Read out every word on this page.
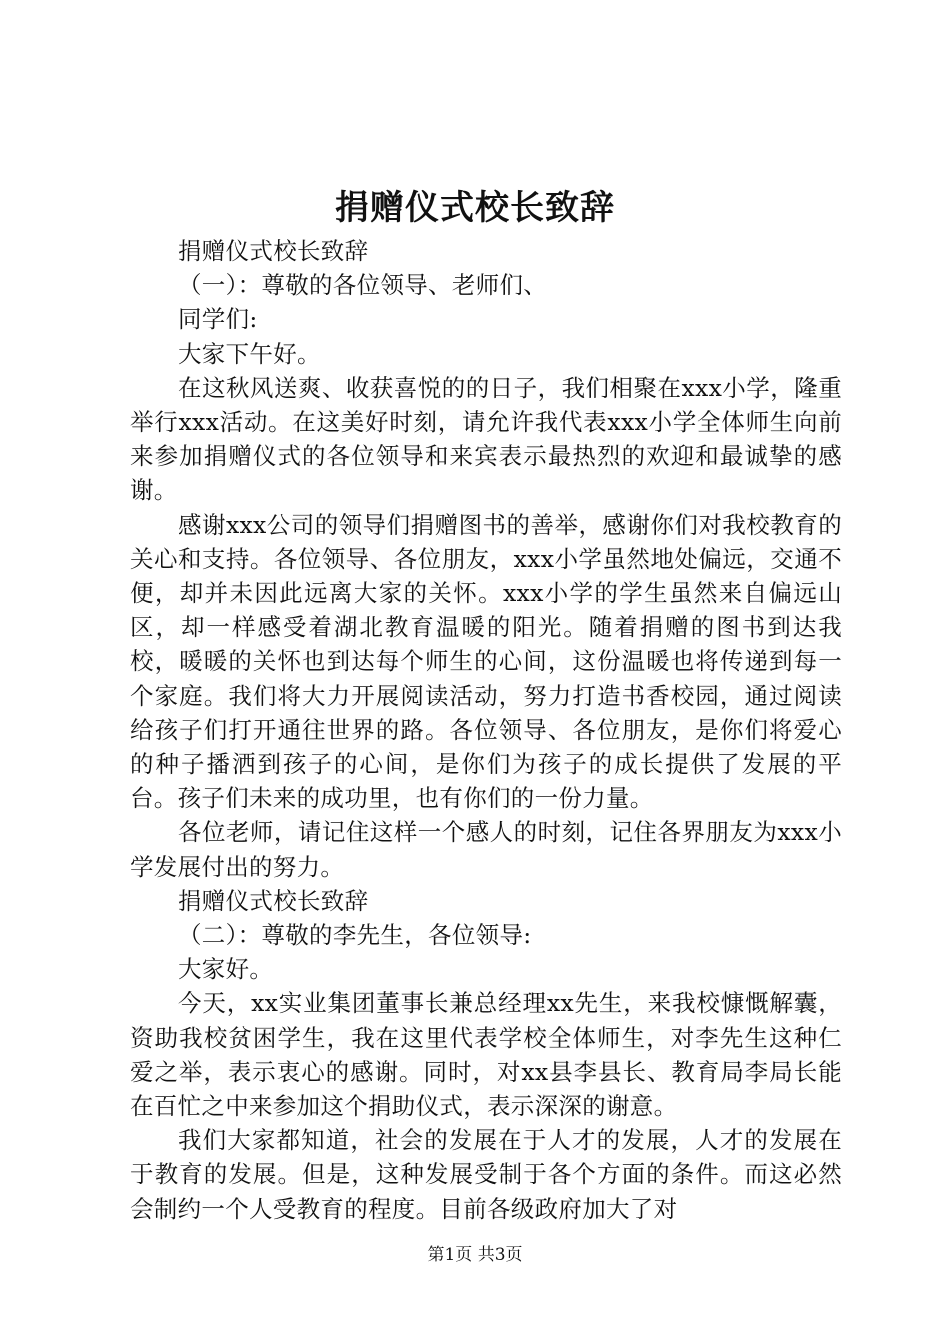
捐赠仪式校长致辞

捐赠仪式校长致辞

（一）：尊敬的各位领导、老师们、

同学们:

大家下午好。

在这秋风送爽、收获喜悦的的日子，我们相聚在xxx小学，隆重举行xxx活动。在这美好时刻，请允许我代表xxx小学全体师生向前来参加捐赠仪式的各位领导和来宾表示最热烈的欢迎和最诚挚的感谢。

感谢xxx公司的领导们捐赠图书的善举，感谢你们对我校教育的关心和支持。各位领导、各位朋友，xxx小学虽然地处偏远，交通不便，却并未因此远离大家的关怀。xxx小学的学生虽然来自偏远山区，却一样感受着湖北教育温暖的阳光。随着捐赠的图书到达我校，暖暖的关怀也到达每个师生的心间，这份温暖也将传递到每一个家庭。我们将大力开展阅读活动，努力打造书香校园，通过阅读给孩子们打开通往世界的路。各位领导、各位朋友，是你们将爱心的种子播洒到孩子的心间，是你们为孩子的成长提供了发展的平台。孩子们未来的成功里，也有你们的一份力量。

各位老师，请记住这样一个感人的时刻，记住各界朋友为xxx小学发展付出的努力。

捐赠仪式校长致辞

（二）：尊敬的李先生，各位领导:

大家好。

今天，xx实业集团董事长兼总经理xx先生，来我校慷慨解囊，资助我校贫困学生，我在这里代表学校全体师生，对李先生这种仁爱之举，表示衷心的感谢。同时，对xx县李县长、教育局李局长能在百忙之中来参加这个捐助仪式，表示深深的谢意。

我们大家都知道，社会的发展在于人才的发展，人才的发展在于教育的发展。但是，这种发展受制于各个方面的条件。而这必然会制约一个人受教育的程度。目前各级政府加大了对

第1页 共3页
